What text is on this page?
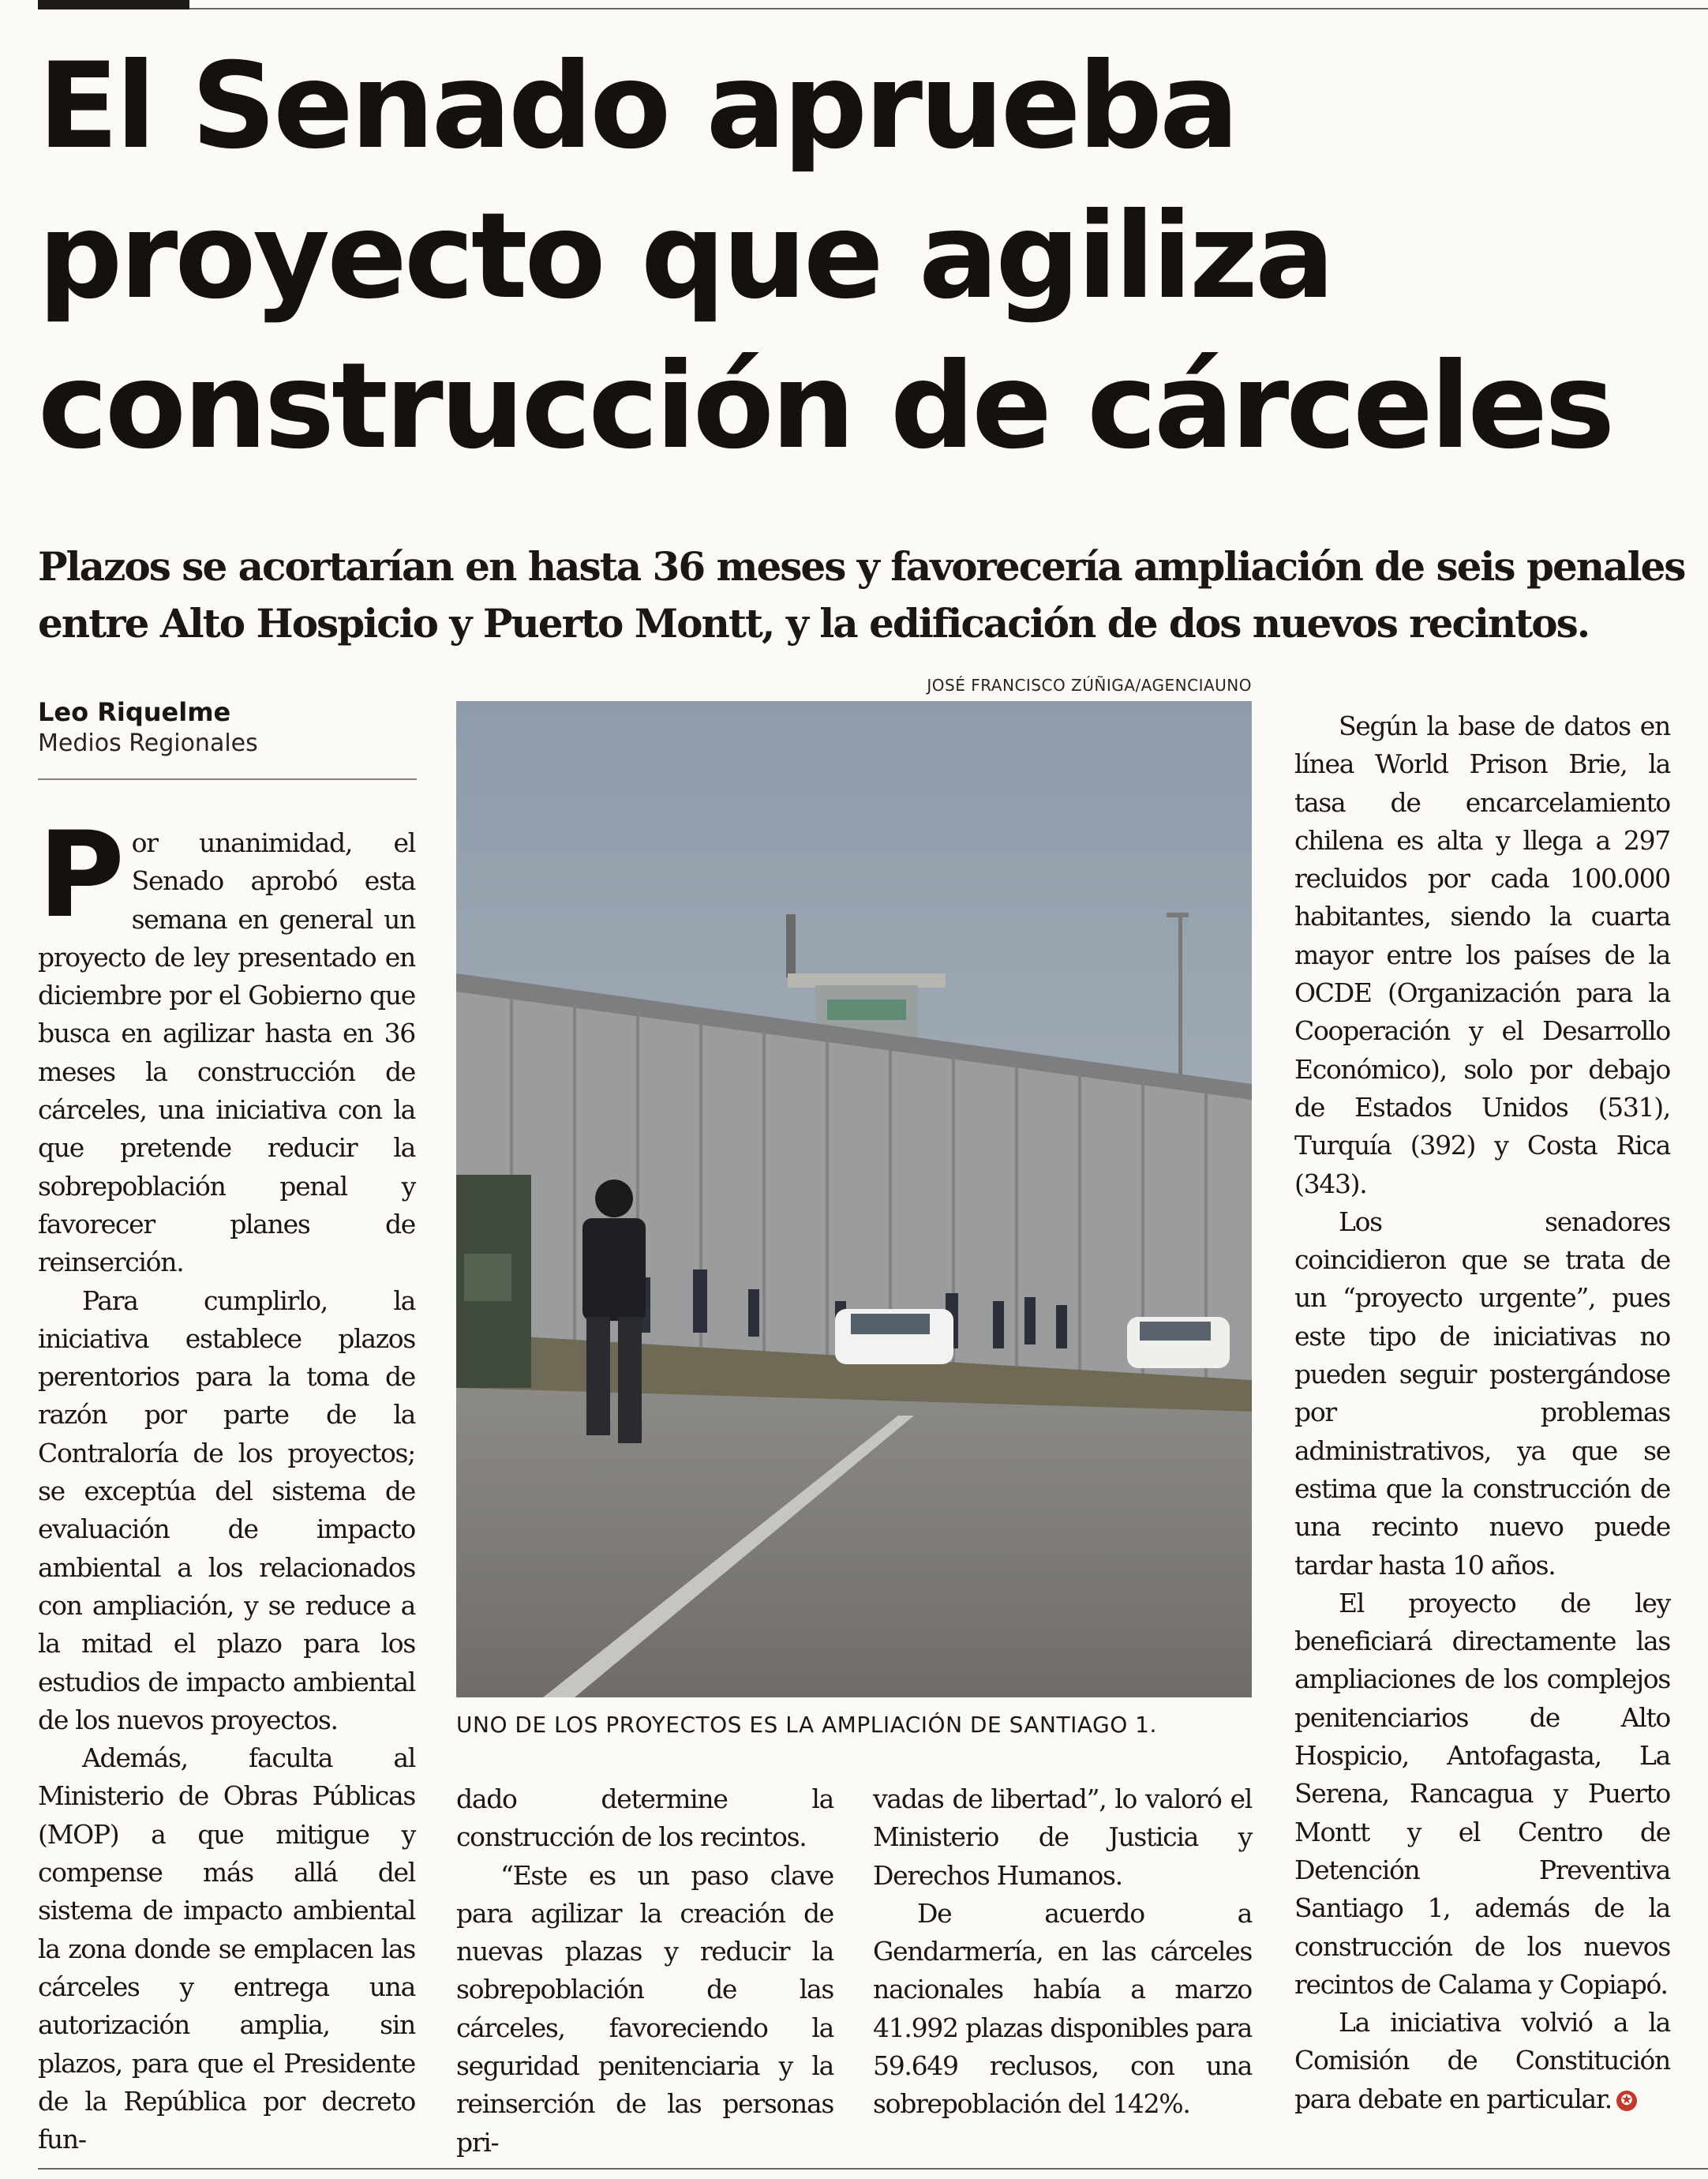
El Senado aprueba
proyecto que agiliza
construcción de cárceles

Plazos se acortarían en hasta 36 meses y favorecería ampliación de seis penales entre Alto Hospicio y Puerto Montt, y la edificación de dos nuevos recintos.

Leo Riquelme
Medios Regionales
JOSÉ FRANCISCO ZÚÑIGA/AGENCIAUNO
UNO DE LOS PROYECTOS ES LA AMPLIACIÓN DE SANTIAGO 1.

Por unanimidad, el Senado aprobó esta semana en general un proyecto de ley presentado en diciembre por el Gobierno que busca en agilizar hasta en 36 meses la construcción de cárceles, una iniciativa con la que pretende reducir la sobrepoblación penal y favorecer planes de reinserción.

Para cumplirlo, la iniciativa establece plazos perentorios para la toma de razón por parte de la Contraloría de los proyectos; se exceptúa del sistema de evaluación de impacto ambiental a los relacionados con ampliación, y se reduce a la mitad el plazo para los estudios de impacto ambiental de los nuevos proyectos.

Además, faculta al Ministerio de Obras Públicas (MOP) a que mitigue y compense más allá del sistema de impacto ambiental la zona donde se emplacen las cárceles y entrega una autorización amplia, sin plazos, para que el Presidente de la República por decreto fun-

dado determine la construcción de los recintos.

“Este es un paso clave para agilizar la creación de nuevas plazas y reducir la sobrepoblación de las cárceles, favoreciendo la seguridad penitenciaria y la reinserción de las personas pri-

vadas de libertad”, lo valoró el Ministerio de Justicia y Derechos Humanos.

De acuerdo a Gendarmería, en las cárceles nacionales había a marzo 41.992 plazas disponibles para 59.649 reclusos, con una sobrepoblación del 142%.

Según la base de datos en línea World Prison Brie, la tasa de encarcelamiento chilena es alta y llega a 297 recluidos por cada 100.000 habitantes, siendo la cuarta mayor entre los países de la OCDE (Organización para la Cooperación y el Desarrollo Económico), solo por debajo de Estados Unidos (531), Turquía (392) y Costa Rica (343).

Los senadores coincidieron que se trata de un “proyecto urgente”, pues este tipo de iniciativas no pueden seguir postergándose por problemas administrativos, ya que se estima que la construcción de una recinto nuevo puede tardar hasta 10 años.

El proyecto de ley beneficiará directamente las ampliaciones de los complejos penitenciarios de Alto Hospicio, Antofagasta, La Serena, Rancagua y Puerto Montt y el Centro de Detención Preventiva Santiago 1, además de la construcción de los nuevos recintos de Calama y Copiapó.

La iniciativa volvió a la Comisión de Constitución para debate en particular. ✪
